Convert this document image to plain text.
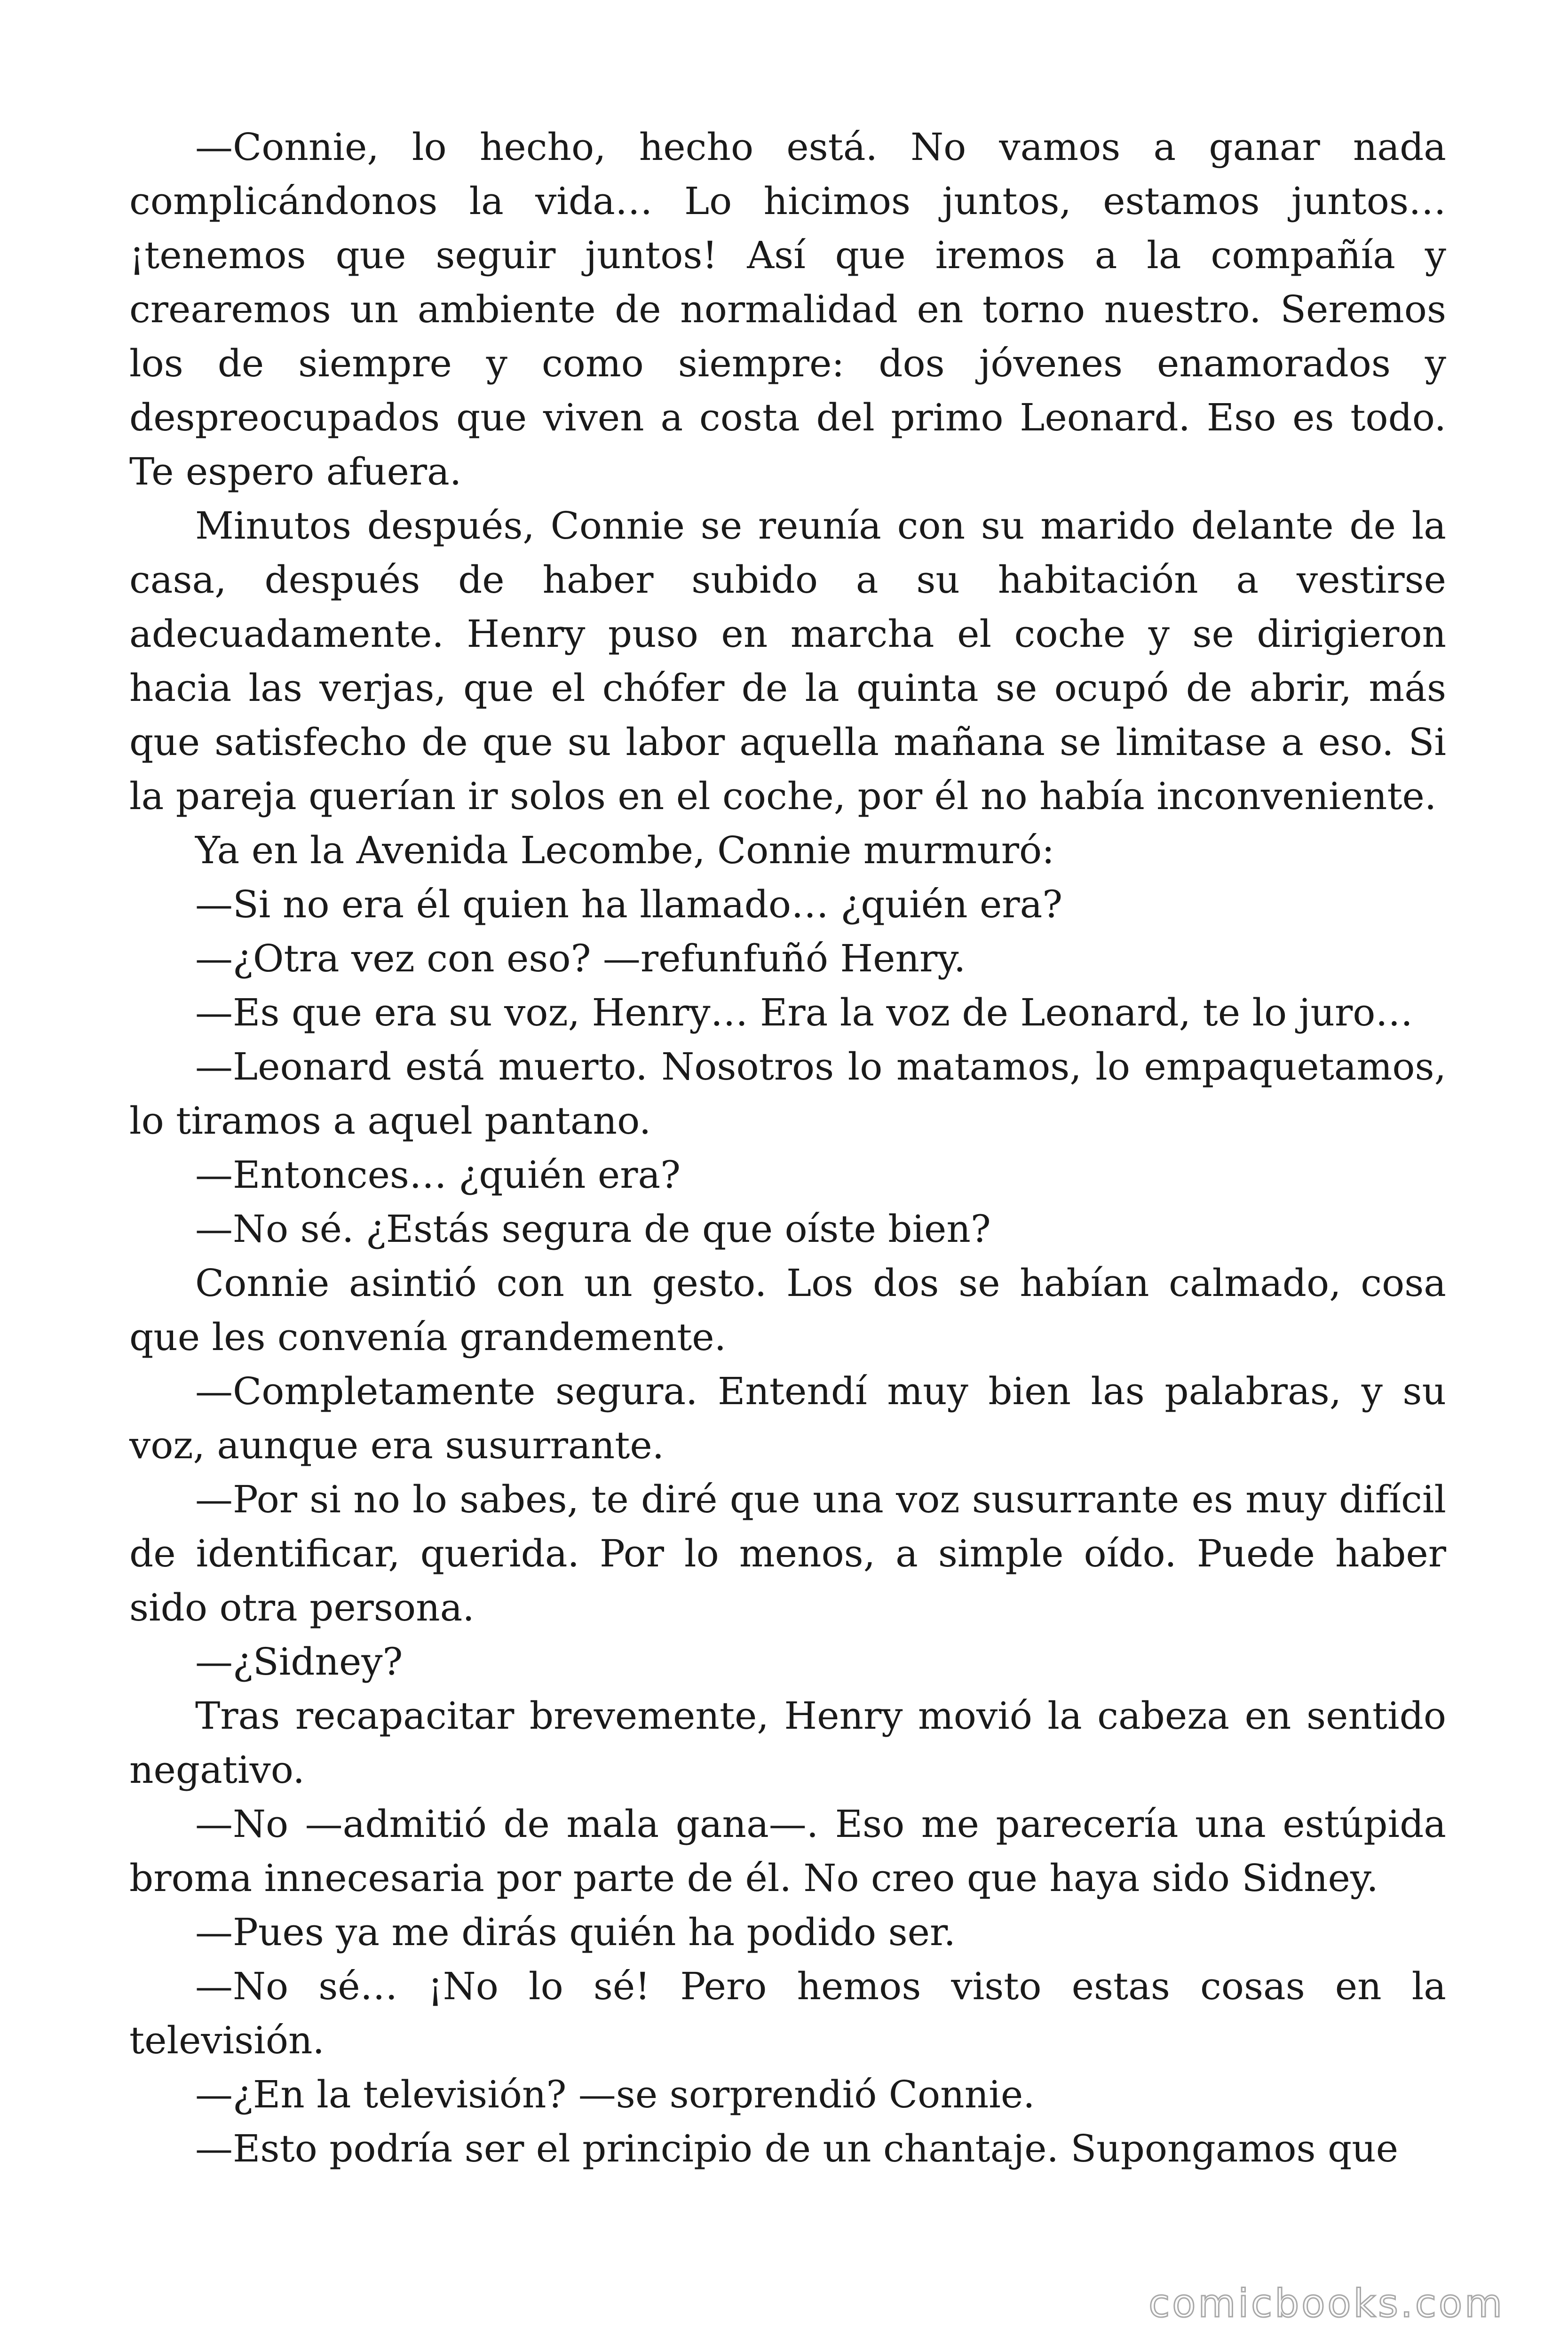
—Connie, lo hecho, hecho está. No vamos a ganar nada complicándonos la vida… Lo hicimos juntos, estamos juntos… ¡tenemos que seguir juntos! Así que iremos a la compañía y crearemos un ambiente de normalidad en torno nuestro. Seremos los de siempre y como siempre: dos jóvenes enamorados y despreocupados que viven a costa del primo Leonard. Eso es todo. Te espero afuera.

Minutos después, Connie se reunía con su marido delante de la casa, después de haber subido a su habitación a vestirse adecuadamente. Henry puso en marcha el coche y se dirigieron hacia las verjas, que el chófer de la quinta se ocupó de abrir, más que satisfecho de que su labor aquella mañana se limitase a eso. Si la pareja querían ir solos en el coche, por él no había inconveniente.

Ya en la Avenida Lecombe, Connie murmuró:

—Si no era él quien ha llamado… ¿quién era?

—¿Otra vez con eso? —refunfuñó Henry.

—Es que era su voz, Henry… Era la voz de Leonard, te lo juro…

—Leonard está muerto. Nosotros lo matamos, lo empaquetamos, lo tiramos a aquel pantano.

—Entonces… ¿quién era?

—No sé. ¿Estás segura de que oíste bien?

Connie asintió con un gesto. Los dos se habían calmado, cosa que les convenía grandemente.

—Completamente segura. Entendí muy bien las palabras, y su voz, aunque era susurrante.

—Por si no lo sabes, te diré que una voz susurrante es muy difícil de identificar, querida. Por lo menos, a simple oído. Puede haber sido otra persona.

—¿Sidney?

Tras recapacitar brevemente, Henry movió la cabeza en sentido negativo.

—No —admitió de mala gana—. Eso me parecería una estúpida broma innecesaria por parte de él. No creo que haya sido Sidney.

—Pues ya me dirás quién ha podido ser.

—No sé… ¡No lo sé! Pero hemos visto estas cosas en la televisión.

—¿En la televisión? —se sorprendió Connie.

—Esto podría ser el principio de un chantaje. Supongamos que

comicbooks.com
